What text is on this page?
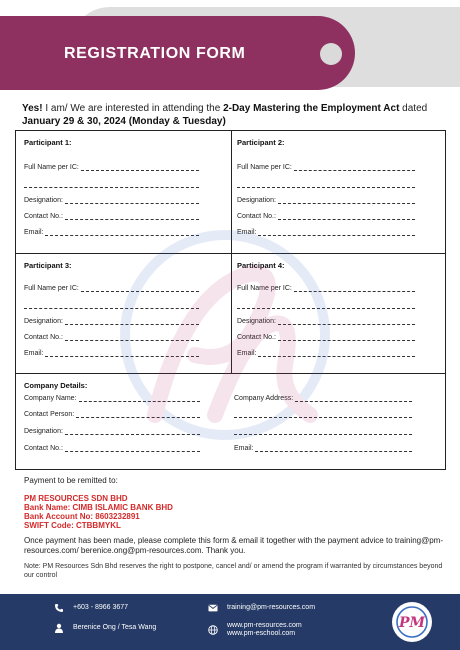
REGISTRATION FORM

Yes! I am/ We are interested in attending the 2-Day Mastering the Employment Act dated January 29 & 30, 2024 (Monday & Tuesday)

Participant 1:
Full Name per IC:
Designation:
Contact No.:
Email:
Participant 2:
Full Name per IC:
Designation:
Contact No.:
Email:
Participant 3:
Full Name per IC:
Designation:
Contact No.:
Email:
Participant 4:
Full Name per IC:
Designation:
Contact No.:
Email:
Company Details:
Company Name:
Contact Person:
Designation:
Contact No.:
Company Address:
Email:
Payment to be remitted to:
PM RESOURCES SDN BHD
Bank Name: CIMB ISLAMIC BANK BHD
Bank Account No: 8603232891
SWIFT Code: CTBBMYKL

Once payment has been made, please complete this form & email it together with the payment advice to training@pm-resources.com/ berenice.ong@pm-resources.com. Thank you.

Note: PM Resources Sdn Bhd reserves the right to postpone, cancel and/ or amend the program if warranted by circumstances beyond our control

+603 - 8966 3677
Berenice Ong / Tesa Wang
training@pm-resources.com
www.pm-resources.com
www.pm-eschool.com
PM
